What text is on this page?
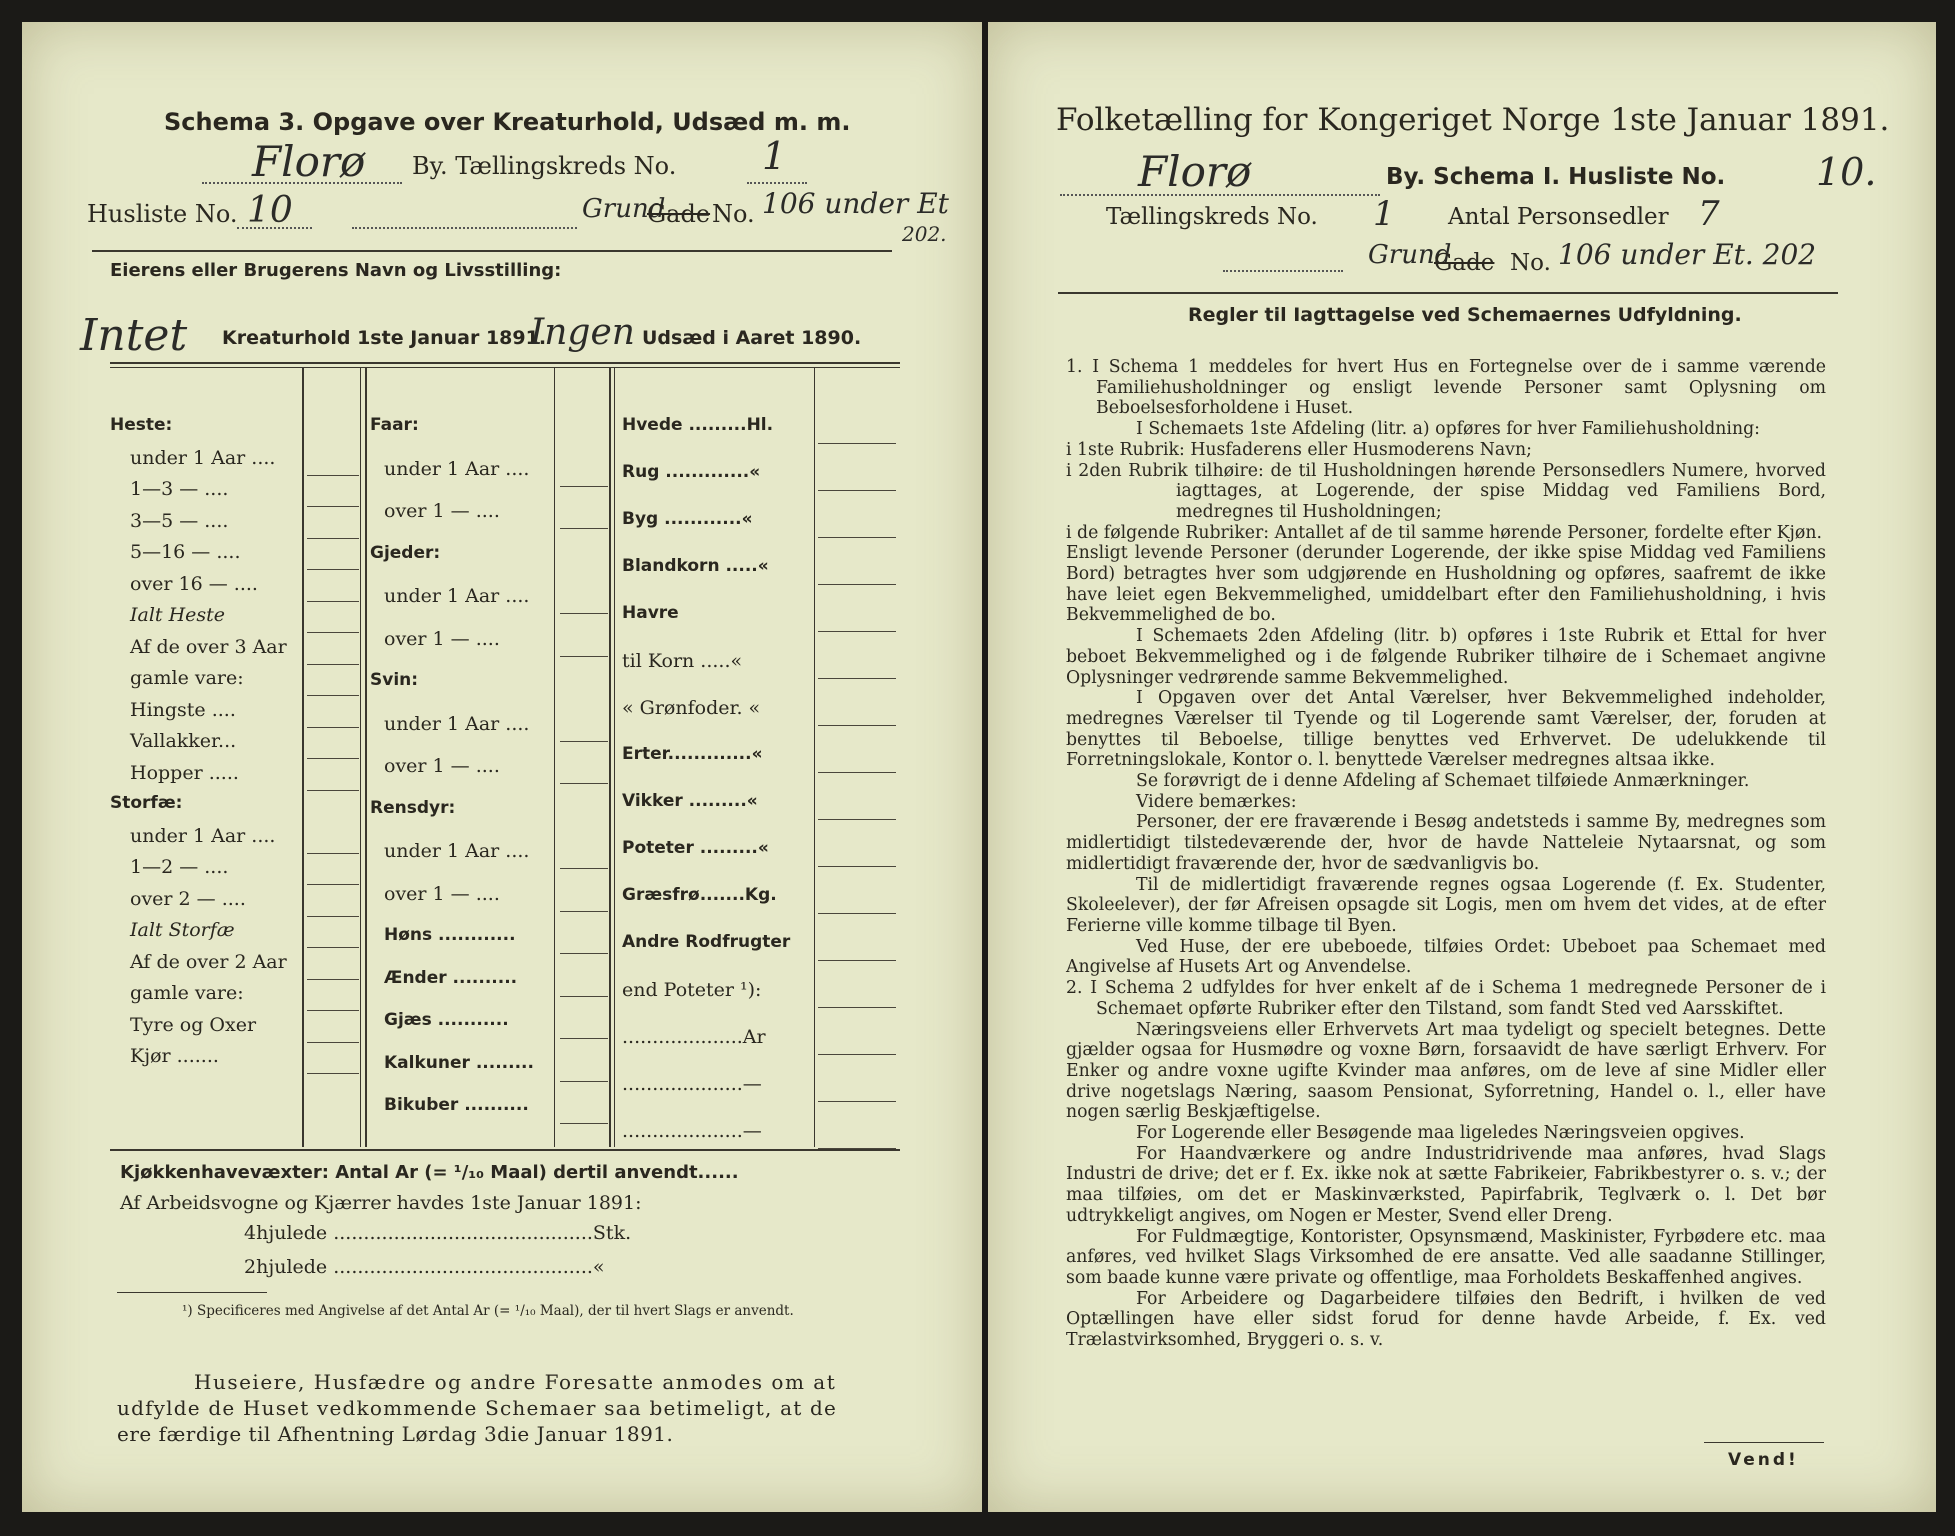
Schema 3. Opgave over Kreaturhold, Udsæd m. m.
Florø By. Tællingskreds No. 1
Husliste No. 10	Grund
Gade No. 106 under Et
202.
Eierens eller Brugerens Navn og Livsstilling:
Intet Kreaturhold 1ste Januar 1891.
Ingen Udsæd i Aaret 1890.
Heste:
under 1 Aar ....
1—3 — ....
3—5 — ....
5—16 — ....
over 16 — ....
Ialt Heste
Af de over 3 Aar
gamle vare:
Hingste ....
Vallakker...
Hopper .....
Storfæ:
under 1 Aar ....
1—2 — ....
over 2 — ....
Ialt Storfæ
Af de over 2 Aar
gamle vare:
Tyre og Oxer
Kjør .......
Faar:
under 1 Aar ....
over 1 — ....
Gjeder:
under 1 Aar ....
over 1 — ....
Svin:
under 1 Aar ....
over 1 — ....
Rensdyr:
under 1 Aar ....
over 1 — ....
Høns ............
Ænder ..........
Gjæs ...........
Kalkuner .........
Bikuber ..........
Hvede .........Hl.
Rug .............«
Byg ............«
Blandkorn .....«
Havre
til Korn .....«
« Grønfoder. «
Erter.............«
Vikker .........«
Poteter .........«
Græsfrø.......Kg.
Andre Rodfrugter
end Poteter ¹):
....................Ar
....................—
....................—
Kjøkkenhavevæxter: Antal Ar (= ¹/₁₀ Maal) dertil anvendt......
Af Arbeidsvogne og Kjærrer havdes 1ste Januar 1891:
4hjulede ...........................................Stk.
2hjulede ...........................................«
¹) Specificeres med Angivelse af det Antal Ar (= ¹/₁₀ Maal), der til hvert Slags er anvendt.
Huseiere, Husfædre og andre Foresatte anmodes om at
udfylde de Huset vedkommende Schemaer saa betimeligt, at de
ere færdige til Afhentning Lørdag 3die Januar 1891.
Folketælling for Kongeriget Norge 1ste Januar 1891.
Florø	By. Schema I. Husliste No. 10.
Tællingskreds No. 1 Antal Personsedler 7
Grund
Gade No. 106 under Et. 202
Regler til Iagttagelse ved Schemaernes Udfyldning.

1. I Schema 1 meddeles for hvert Hus en Fortegnelse over de i samme værende Familiehusholdninger og ensligt levende Personer samt Oplysning om Beboelsesforholdene i Huset.

I Schemaets 1ste Afdeling (litr. a) opføres for hver Familiehusholdning:

i 1ste Rubrik: Husfaderens eller Husmoderens Navn;

i 2den Rubrik tilhøire: de til Husholdningen hørende Personsedlers Numere, hvorved iagttages, at Logerende, der spise Middag ved Familiens Bord, medregnes til Husholdningen;

i de følgende Rubriker: Antallet af de til samme hørende Personer, fordelte efter Kjøn.

Ensligt levende Personer (derunder Logerende, der ikke spise Middag ved Familiens Bord) betragtes hver som udgjørende en Husholdning og opføres, saafremt de ikke have leiet egen Bekvemmelighed, umiddelbart efter den Familiehusholdning, i hvis Bekvemmelighed de bo.

I Schemaets 2den Afdeling (litr. b) opføres i 1ste Rubrik et Ettal for hver beboet Bekvemmelighed og i de følgende Rubriker tilhøire de i Schemaet angivne Oplysninger vedrørende samme Bekvemmelighed.

I Opgaven over det Antal Værelser, hver Bekvemmelighed indeholder, medregnes Værelser til Tyende og til Logerende samt Værelser, der, foruden at benyttes til Beboelse, tillige benyttes ved Erhvervet. De udelukkende til Forretningslokale, Kontor o. l. benyttede Værelser medregnes altsaa ikke.

Se forøvrigt de i denne Afdeling af Schemaet tilføiede Anmærkninger.

Videre bemærkes:

Personer, der ere fraværende i Besøg andetsteds i samme By, medregnes som midlertidigt tilstedeværende der, hvor de havde Natteleie Nytaarsnat, og som midlertidigt fraværende der, hvor de sædvanligvis bo.

Til de midlertidigt fraværende regnes ogsaa Logerende (f. Ex. Studenter, Skoleelever), der før Afreisen opsagde sit Logis, men om hvem det vides, at de efter Ferierne ville komme tilbage til Byen.

Ved Huse, der ere ubeboede, tilføies Ordet: Ubeboet paa Schemaet med Angivelse af Husets Art og Anvendelse.

2. I Schema 2 udfyldes for hver enkelt af de i Schema 1 medregnede Personer de i Schemaet opførte Rubriker efter den Tilstand, som fandt Sted ved Aarsskiftet.

Næringsveiens eller Erhvervets Art maa tydeligt og specielt betegnes. Dette gjælder ogsaa for Husmødre og voxne Børn, forsaavidt de have særligt Erhverv. For Enker og andre voxne ugifte Kvinder maa anføres, om de leve af sine Midler eller drive nogetslags Næring, saasom Pensionat, Syforretning, Handel o. l., eller have nogen særlig Beskjæftigelse.

For Logerende eller Besøgende maa ligeledes Næringsveien opgives.

For Haandværkere og andre Industridrivende maa anføres, hvad Slags Industri de drive; det er f. Ex. ikke nok at sætte Fabrikeier, Fabrikbestyrer o. s. v.; der maa tilføies, om det er Maskinværksted, Papirfabrik, Teglværk o. l. Det bør udtrykkeligt angives, om Nogen er Mester, Svend eller Dreng.

For Fuldmægtige, Kontorister, Opsynsmænd, Maskinister, Fyrbødere etc. maa anføres, ved hvilket Slags Virksomhed de ere ansatte. Ved alle saadanne Stillinger, som baade kunne være private og offentlige, maa Forholdets Beskaffenhed angives.

For Arbeidere og Dagarbeidere tilføies den Bedrift, i hvilken de ved Optællingen have eller sidst forud for denne havde Arbeide, f. Ex. ved Trælastvirksomhed, Bryggeri o. s. v.

Vend!
